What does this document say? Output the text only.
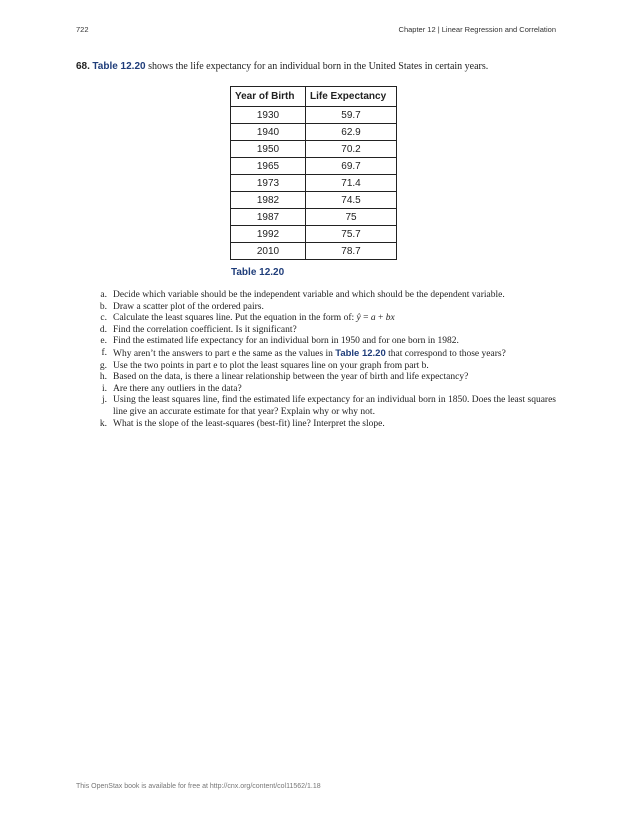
722	Chapter 12 | Linear Regression and Correlation
68. Table 12.20 shows the life expectancy for an individual born in the United States in certain years.
Year of Birth	Life Expectancy
1930	59.7
1940	62.9
1950	70.2
1965	69.7
1973	71.4
1982	74.5
1987	75
1992	75.7
2010	78.7
Table 12.20
a. Decide which variable should be the independent variable and which should be the dependent variable.
b. Draw a scatter plot of the ordered pairs.
c. Calculate the least squares line. Put the equation in the form of: ŷ = a + bx
d. Find the correlation coefficient. Is it significant?
e. Find the estimated life expectancy for an individual born in 1950 and for one born in 1982.
f. Why aren’t the answers to part e the same as the values in Table 12.20 that correspond to those years?
g. Use the two points in part e to plot the least squares line on your graph from part b.
h. Based on the data, is there a linear relationship between the year of birth and life expectancy?
i. Are there any outliers in the data?
j. Using the least squares line, find the estimated life expectancy for an individual born in 1850. Does the least squares line give an accurate estimate for that year? Explain why or why not.
k. What is the slope of the least-squares (best-fit) line? Interpret the slope.
This OpenStax book is available for free at http://cnx.org/content/col11562/1.18
